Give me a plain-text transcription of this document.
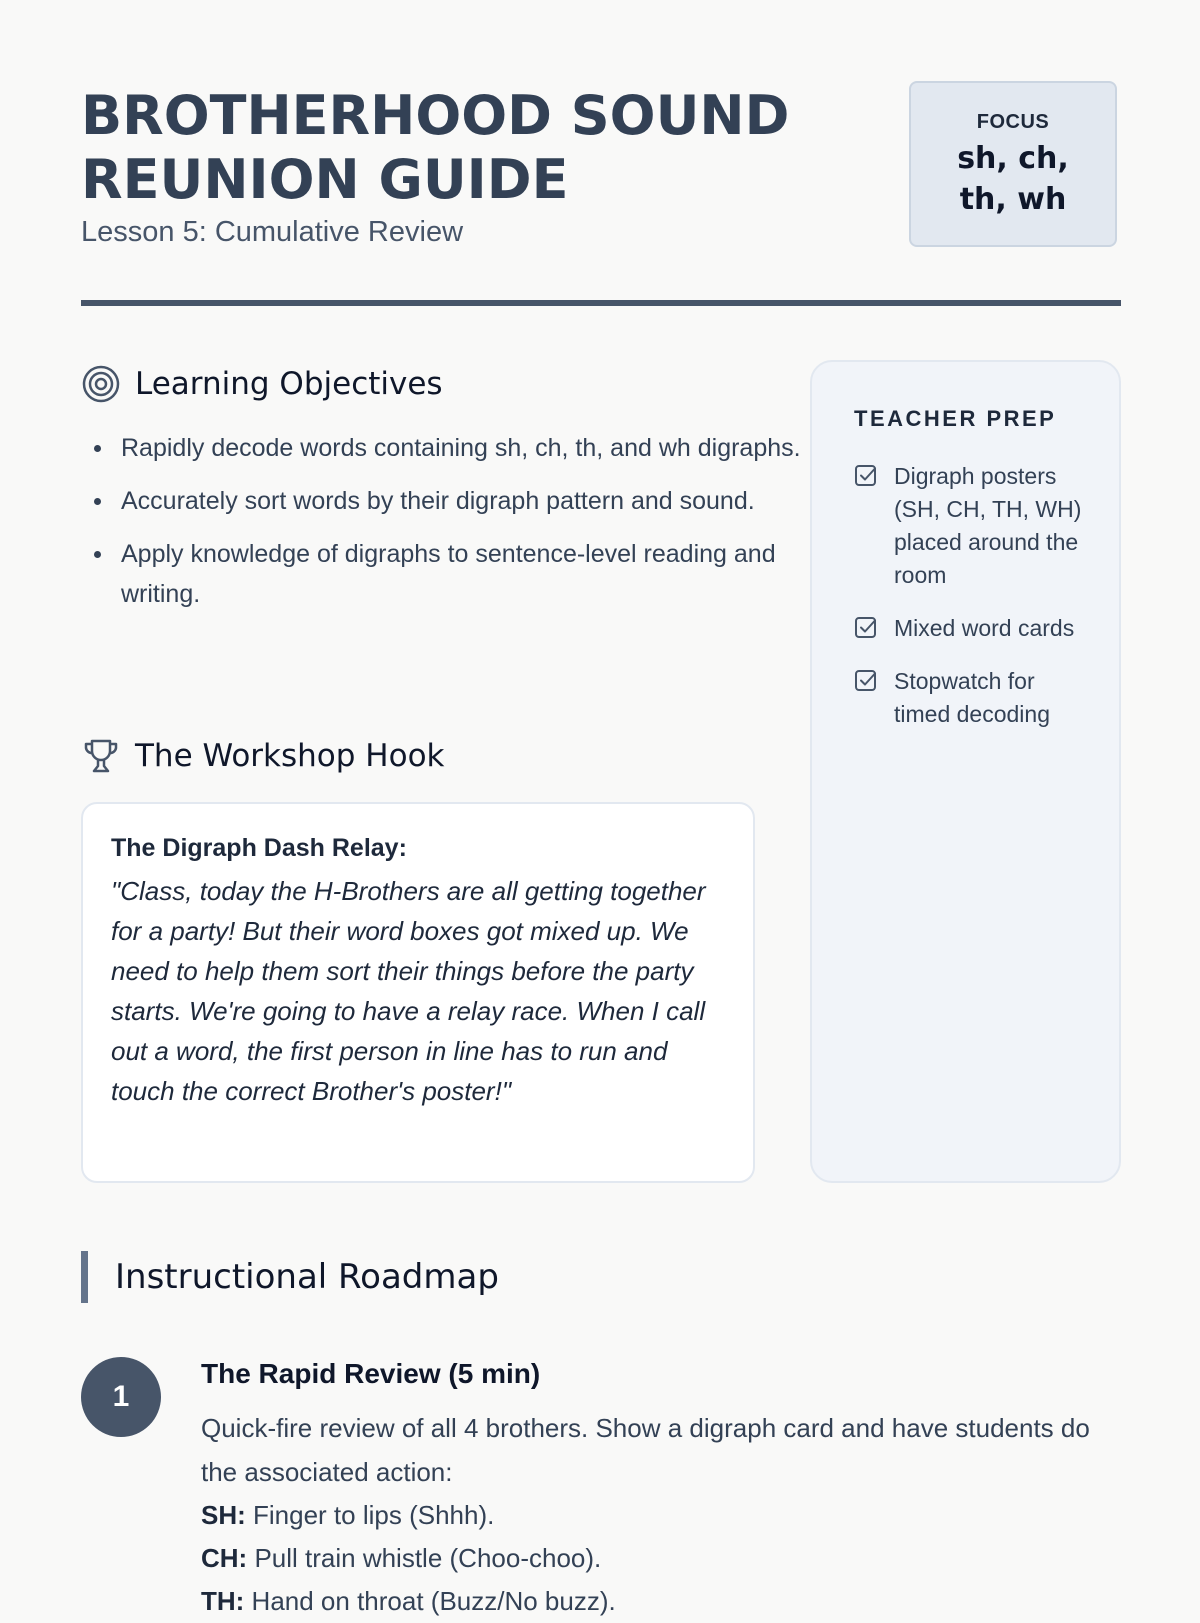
BROTHERHOOD SOUND
REUNION GUIDE
Lesson 5: Cumulative Review
FOCUS
sh, ch, th, wh
Learning Objectives
Rapidly decode words containing sh, ch, th, and wh digraphs.
Accurately sort words by their digraph pattern and sound.
Apply knowledge of digraphs to sentence-level reading and writing.
The Workshop Hook
The Digraph Dash Relay:
"Class, today the H-Brothers are all getting together for a party! But their word boxes got mixed up. We need to help them sort their things before the party starts. We're going to have a relay race. When I call out a word, the first person in line has to run and touch the correct Brother's poster!"
TEACHER PREP
Digraph posters (SH, CH, TH, WH) placed around the room
Mixed word cards
Stopwatch for timed decoding
Instructional Roadmap
1
The Rapid Review (5 min)
Quick-fire review of all 4 brothers. Show a digraph card and have students do the associated action:
SH: Finger to lips (Shhh).
CH: Pull train whistle (Choo-choo).
TH: Hand on throat (Buzz/No buzz).
